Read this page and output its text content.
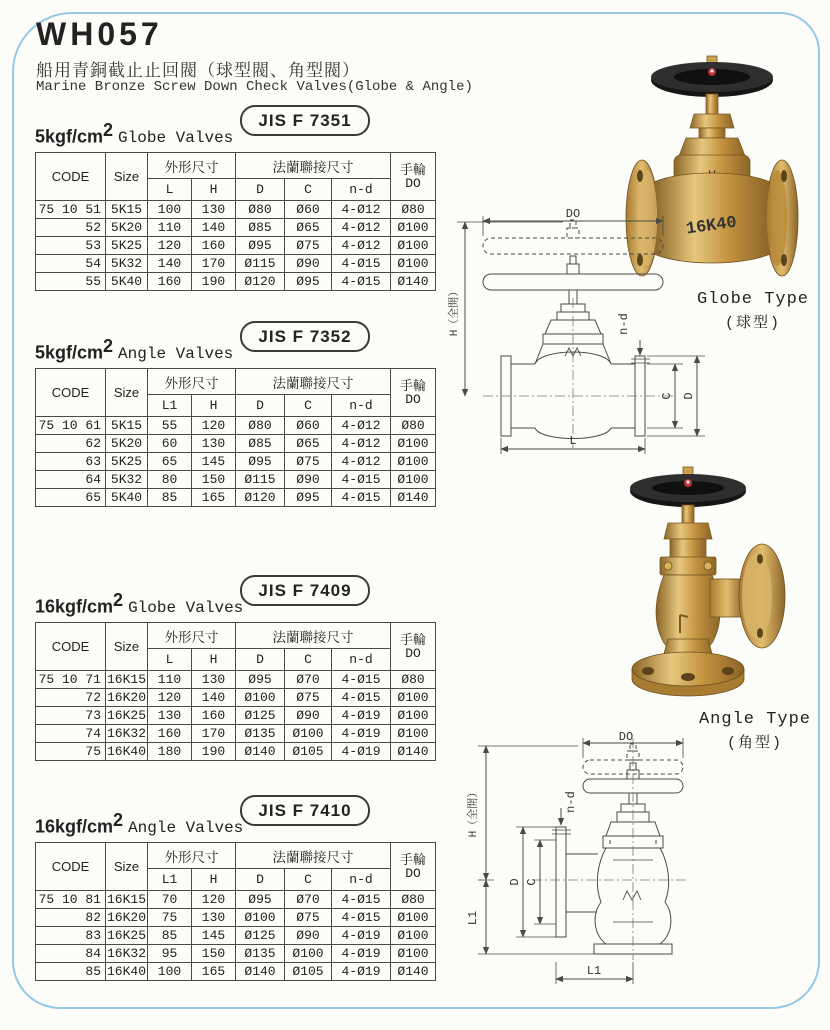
WH057
船用青銅截止止回閥（球型閥、角型閥）
Marine Bronze Screw Down Check Valves(Globe & Angle)
$5kgf/cm^2$ Globe Valves
JIS F 7351
CODE	Size	外形尺寸		法蘭聯接尺寸			手輪
DO

		L	H	D	C	n-d	
75 10 51	5K15	100	130	Ø80	Ø60	4-Ø12	Ø80
52	5K20	110	140	Ø85	Ø65	4-Ø12	Ø100
53	5K25	120	160	Ø95	Ø75	4-Ø12	Ø100
54	5K32	140	170	Ø115	Ø90	4-Ø15	Ø100
55	5K40	160	190	Ø120	Ø95	4-Ø15	Ø140
$5kgf/cm^2$ Angle Valves
JIS F 7352
CODE	Size	外形尺寸		法蘭聯接尺寸			手輪
DO

		L1	H	D	C	n-d	
75 10 61	5K15	55	120	Ø80	Ø60	4-Ø12	Ø80
62	5K20	60	130	Ø85	Ø65	4-Ø12	Ø100
63	5K25	65	145	Ø95	Ø75	4-Ø12	Ø100
64	5K32	80	150	Ø115	Ø90	4-Ø15	Ø100
65	5K40	85	165	Ø120	Ø95	4-Ø15	Ø140
$16kgf/cm^2$ Globe Valves
JIS F 7409
CODE	Size	外形尺寸		法蘭聯接尺寸			手輪
DO

		L	H	D	C	n-d	
75 10 71	16K15	110	130	Ø95	Ø70	4-Ø15	Ø80
72	16K20	120	140	Ø100	Ø75	4-Ø15	Ø100
73	16K25	130	160	Ø125	Ø90	4-Ø19	Ø100
74	16K32	160	170	Ø135	Ø100	4-Ø19	Ø100
75	16K40	180	190	Ø140	Ø105	4-Ø19	Ø140
$16kgf/cm^2$ Angle Valves
JIS F 7410
CODE	Size	外形尺寸		法蘭聯接尺寸			手輪
DO

		L1	H	D	C	n-d	
75 10 81	16K15	70	120	Ø95	Ø70	4-Ø15	Ø80
82	16K20	75	130	Ø100	Ø75	4-Ø15	Ø100
83	16K25	85	145	Ø125	Ø90	4-Ø19	Ø100
84	16K32	95	150	Ø135	Ø100	4-Ø19	Ø100
85	16K40	100	165	Ø140	Ø105	4-Ø19	Ø140
16K40
Globe Type
(球型)
DO
H（全開）	n-d
C D
L
Angle Type
(角型)
DO
H（全開）
L1
n-d
D C
L1
